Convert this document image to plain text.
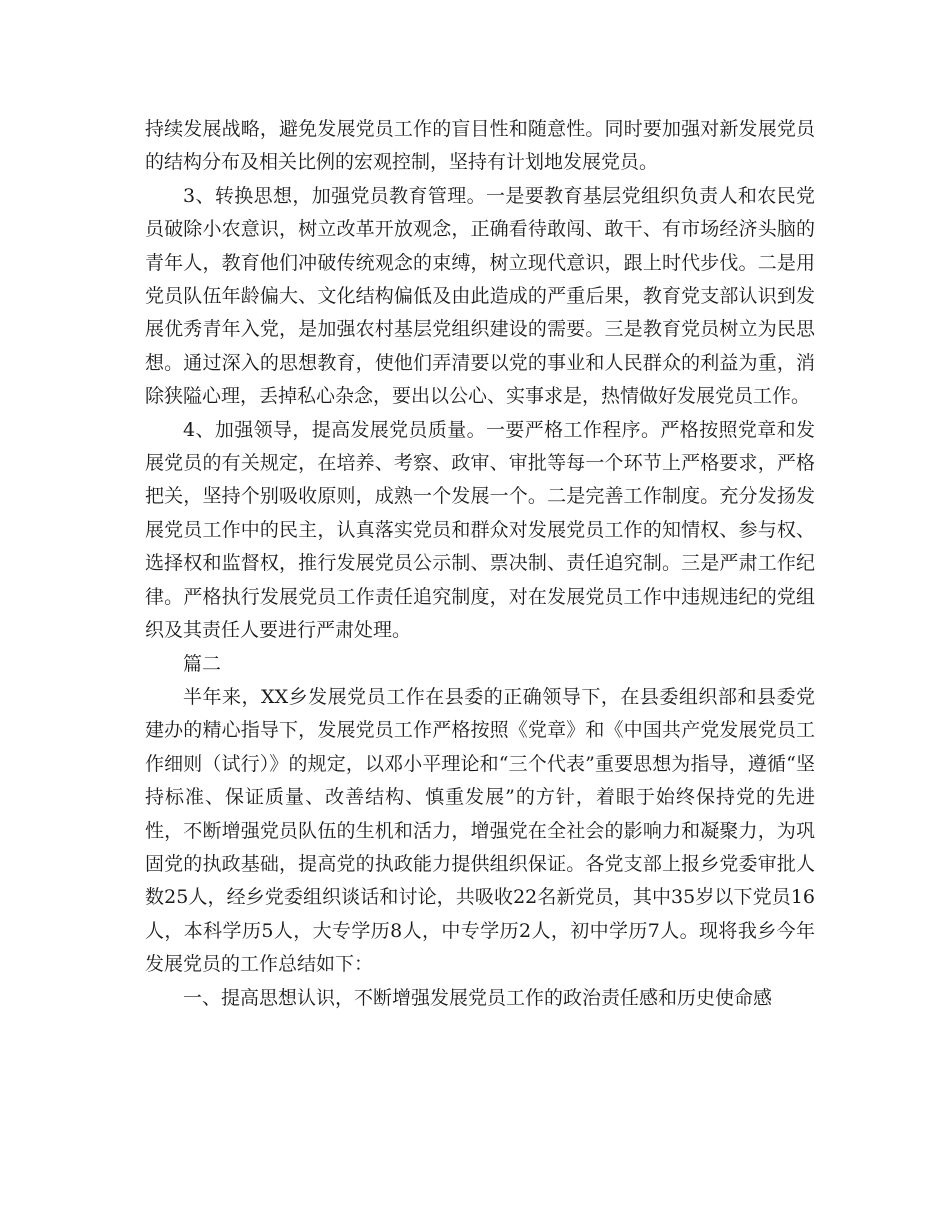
持续发展战略，避免发展党员工作的盲目性和随意性。同时要加强对新发展党员的结构分布及相关比例的宏观控制，坚持有计划地发展党员。

3、转换思想，加强党员教育管理。一是要教育基层党组织负责人和农民党员破除小农意识，树立改革开放观念，正确看待敢闯、敢干、有市场经济头脑的青年人，教育他们冲破传统观念的束缚，树立现代意识，跟上时代步伐。二是用党员队伍年龄偏大、文化结构偏低及由此造成的严重后果，教育党支部认识到发展优秀青年入党，是加强农村基层党组织建设的需要。三是教育党员树立为民思想。通过深入的思想教育，使他们弄清要以党的事业和人民群众的利益为重，消除狭隘心理，丢掉私心杂念，要出以公心、实事求是，热情做好发展党员工作。

4、加强领导，提高发展党员质量。一要严格工作程序。严格按照党章和发展党员的有关规定，在培养、考察、政审、审批等每一个环节上严格要求，严格把关，坚持个别吸收原则，成熟一个发展一个。二是完善工作制度。充分发扬发展党员工作中的民主，认真落实党员和群众对发展党员工作的知情权、参与权、选择权和监督权，推行发展党员公示制、票决制、责任追究制。三是严肃工作纪律。严格执行发展党员工作责任追究制度，对在发展党员工作中违规违纪的党组织及其责任人要进行严肃处理。

篇二

半年来，XX乡发展党员工作在县委的正确领导下，在县委组织部和县委党建办的精心指导下，发展党员工作严格按照《党章》和《中国共产党发展党员工作细则（试行）》的规定，以邓小平理论和“三个代表”重要思想为指导，遵循“坚持标准、保证质量、改善结构、慎重发展”的方针，着眼于始终保持党的先进性，不断增强党员队伍的生机和活力，增强党在全社会的影响力和凝聚力，为巩固党的执政基础，提高党的执政能力提供组织保证。各党支部上报乡党委审批人数25人，经乡党委组织谈话和讨论，共吸收22名新党员，其中35岁以下党员16人，本科学历5人，大专学历8人，中专学历2人，初中学历7人。现将我乡今年发展党员的工作总结如下：

一、提高思想认识，不断增强发展党员工作的政治责任感和历史使命感
